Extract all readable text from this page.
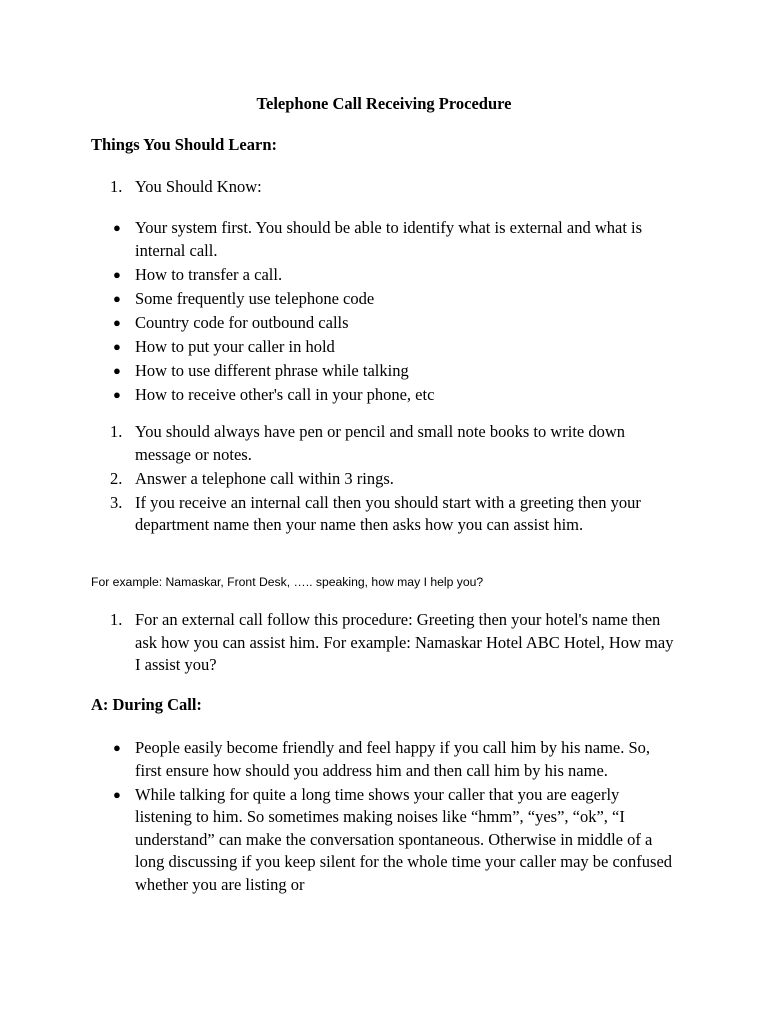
Telephone Call Receiving Procedure
Things You Should Learn:
1. You Should Know:
● Your system first. You should be able to identify what is external and what is internal call.
● How to transfer a call.
● Some frequently use telephone code
● Country code for outbound calls
● How to put your caller in hold
● How to use different phrase while talking
● How to receive other's call in your phone, etc
1. You should always have pen or pencil and small note books to write down message or notes.
2. Answer a telephone call within 3 rings.
3. If you receive an internal call then you should start with a greeting then your department name then your name then asks how you can assist him.
For example: Namaskar, Front Desk, ….. speaking, how may I help you?
1. For an external call follow this procedure: Greeting then your hotel's name then ask how you can assist him. For example: Namaskar Hotel ABC Hotel, How may I assist you?
A: During Call:
● People easily become friendly and feel happy if you call him by his name. So, first ensure how should you address him and then call him by his name.
● While talking for quite a long time shows your caller that you are eagerly listening to him. So sometimes making noises like “hmm”, “yes”, “ok”, “I understand” can make the conversation spontaneous. Otherwise in middle of a long discussing if you keep silent for the whole time your caller may be confused whether you are listing or
